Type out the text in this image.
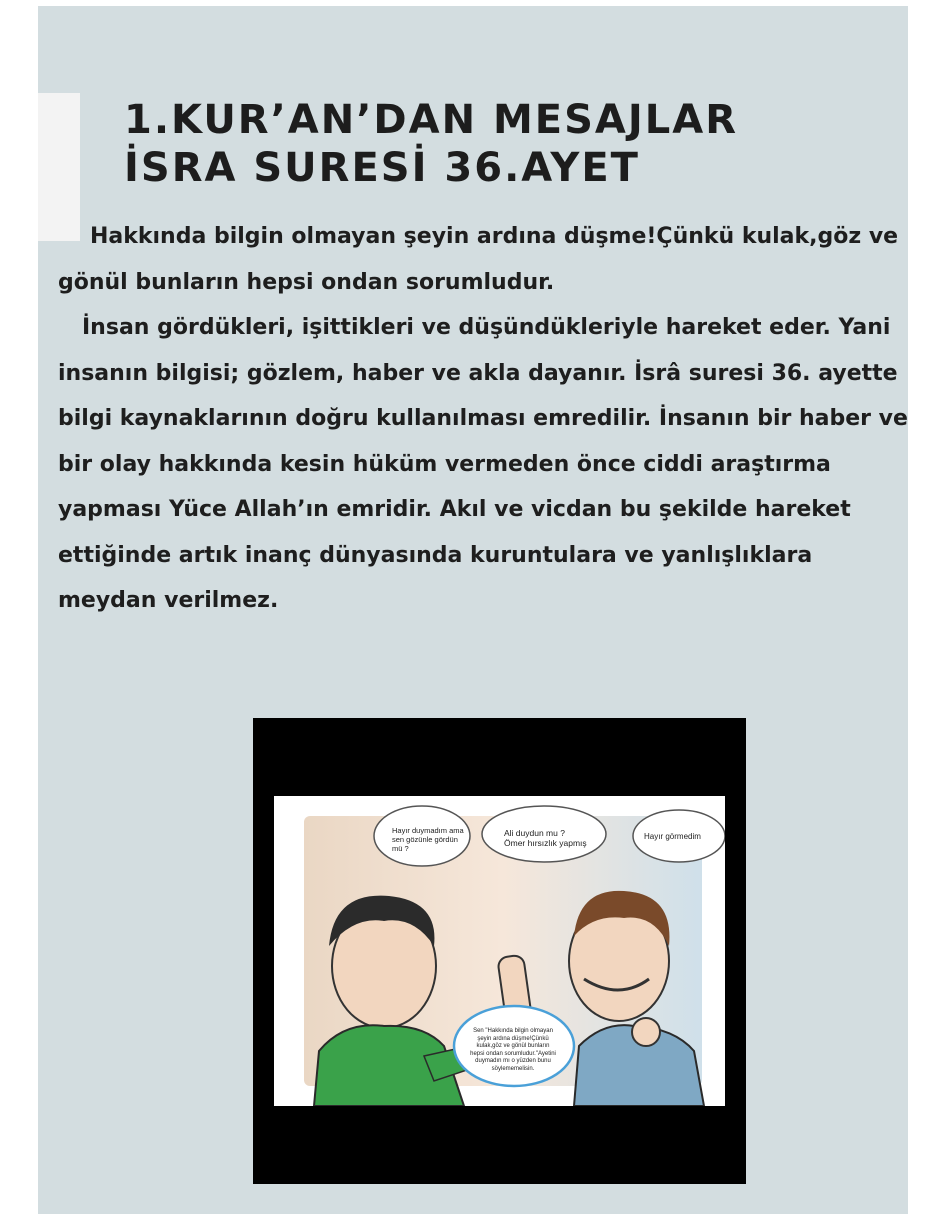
1.KUR’AN’DAN MESAJLAR
İSRA SURESİ 36.AYET

Hakkında bilgin olmayan şeyin ardına düşme!Çünkü kulak,göz ve gönül bunların hepsi ondan sorumludur.

İnsan gördükleri, işittikleri ve düşündükleriyle hareket eder. Yani insanın bilgisi; gözlem, haber ve akla dayanır. İsrâ suresi 36. ayette bilgi kaynaklarının doğru kullanılması emredilir. İnsanın bir haber ve bir olay hakkında kesin hüküm vermeden önce ciddi araştırma yapması Yüce Allah’ın emridir. Akıl ve vicdan bu şekilde hareket ettiğinde artık inanç dünyasında kuruntulara ve yanlışlıklara meydan verilmez.

Hayır duymadım ama
sen gözünle gördün
mü ?
Ali duydun mu ?
Ömer hırsızlık yapmış
Hayır görmedim
Sen "Hakkında bilgin olmayan
şeyin ardına düşme!Çünkü
kulak,göz ve gönül bunların
hepsi ondan sorumludur."Ayetini
duymadın mı o yüzden bunu
söylememelisin.
